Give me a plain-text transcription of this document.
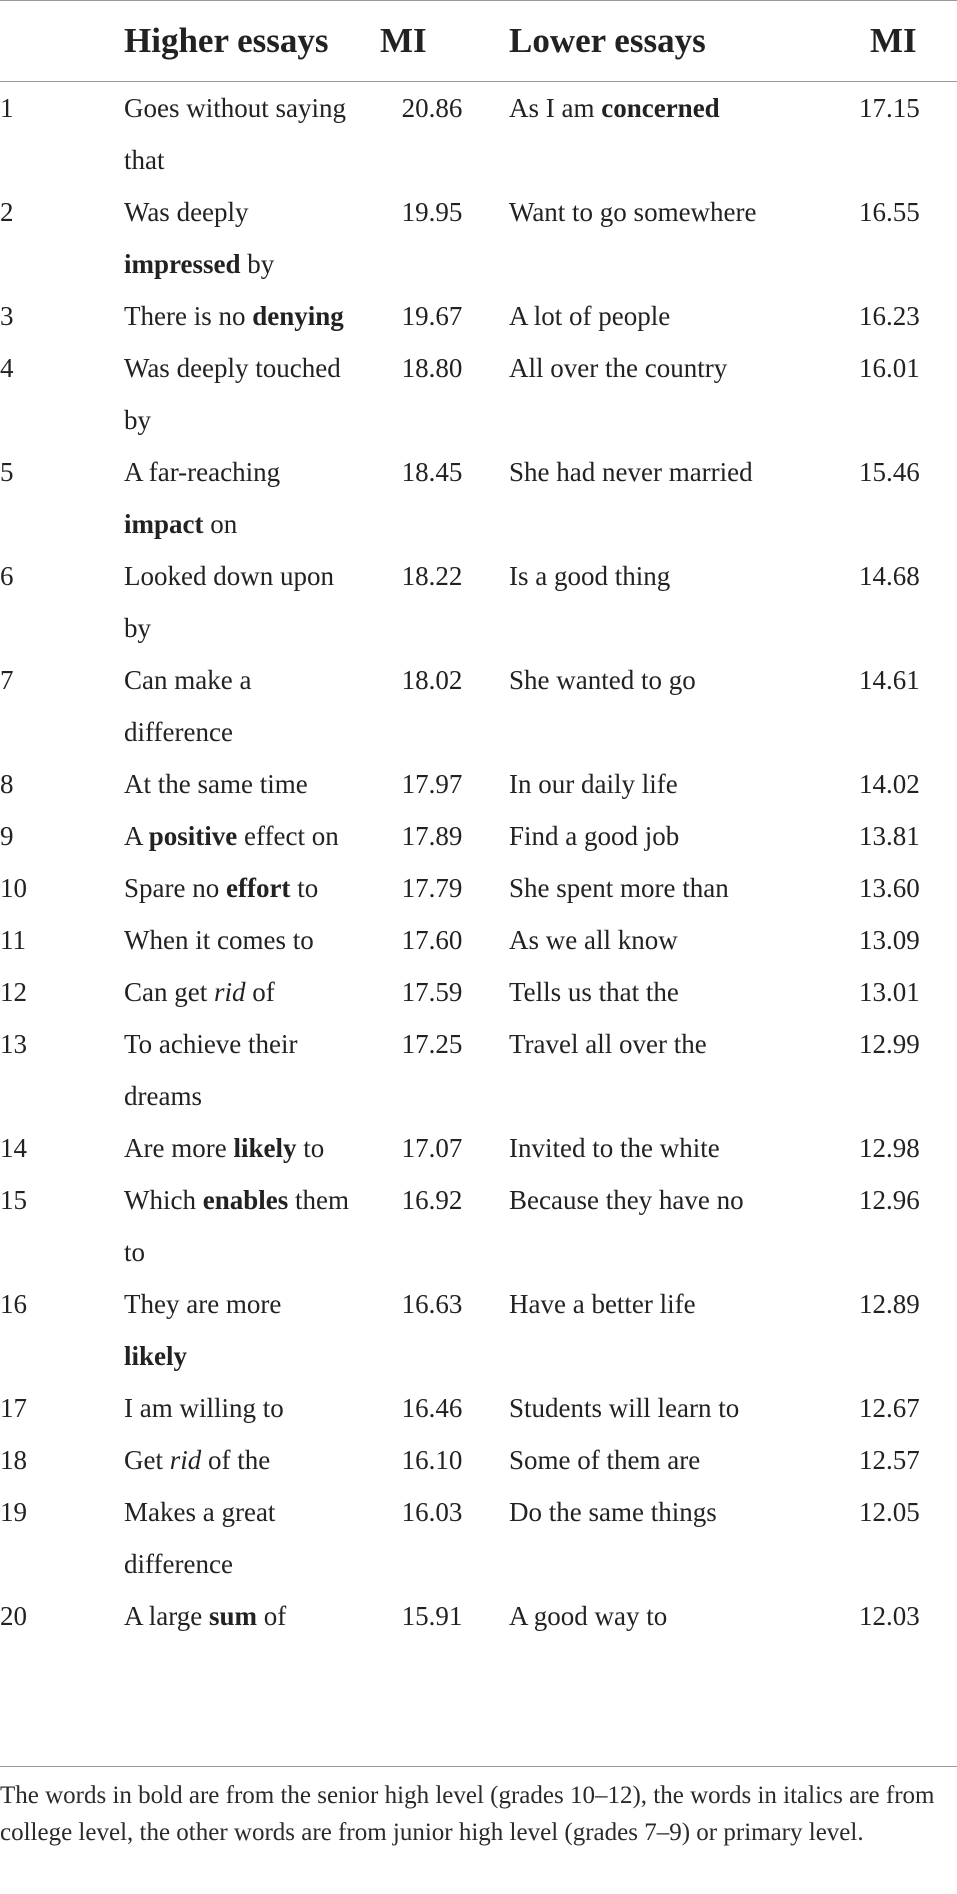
	Higher essays	MI	Lower essays	MI
1	Goes without saying that	20.86	As I am concerned	17.15
2	Was deeply impressed by	19.95	Want to go somewhere	16.55
3	There is no denying	19.67	A lot of people	16.23
4	Was deeply touched by	18.80	All over the country	16.01
5	A far-reaching impact on	18.45	She had never married	15.46
6	Looked down upon by	18.22	Is a good thing	14.68
7	Can make a difference	18.02	She wanted to go	14.61
8	At the same time	17.97	In our daily life	14.02
9	A positive effect on	17.89	Find a good job	13.81
10	Spare no effort to	17.79	She spent more than	13.60
11	When it comes to	17.60	As we all know	13.09
12	Can get rid of	17.59	Tells us that the	13.01
13	To achieve their dreams	17.25	Travel all over the	12.99
14	Are more likely to	17.07	Invited to the white	12.98
15	Which enables them to	16.92	Because they have no	12.96
16	They are more likely	16.63	Have a better life	12.89
17	I am willing to	16.46	Students will learn to	12.67
18	Get rid of the	16.10	Some of them are	12.57
19	Makes a great difference	16.03	Do the same things	12.05
20	A large sum of	15.91	A good way to	12.03
The words in bold are from the senior high level (grades 10–12), the words in italics are from college level, the other words are from junior high level (grades 7–9) or primary level.
